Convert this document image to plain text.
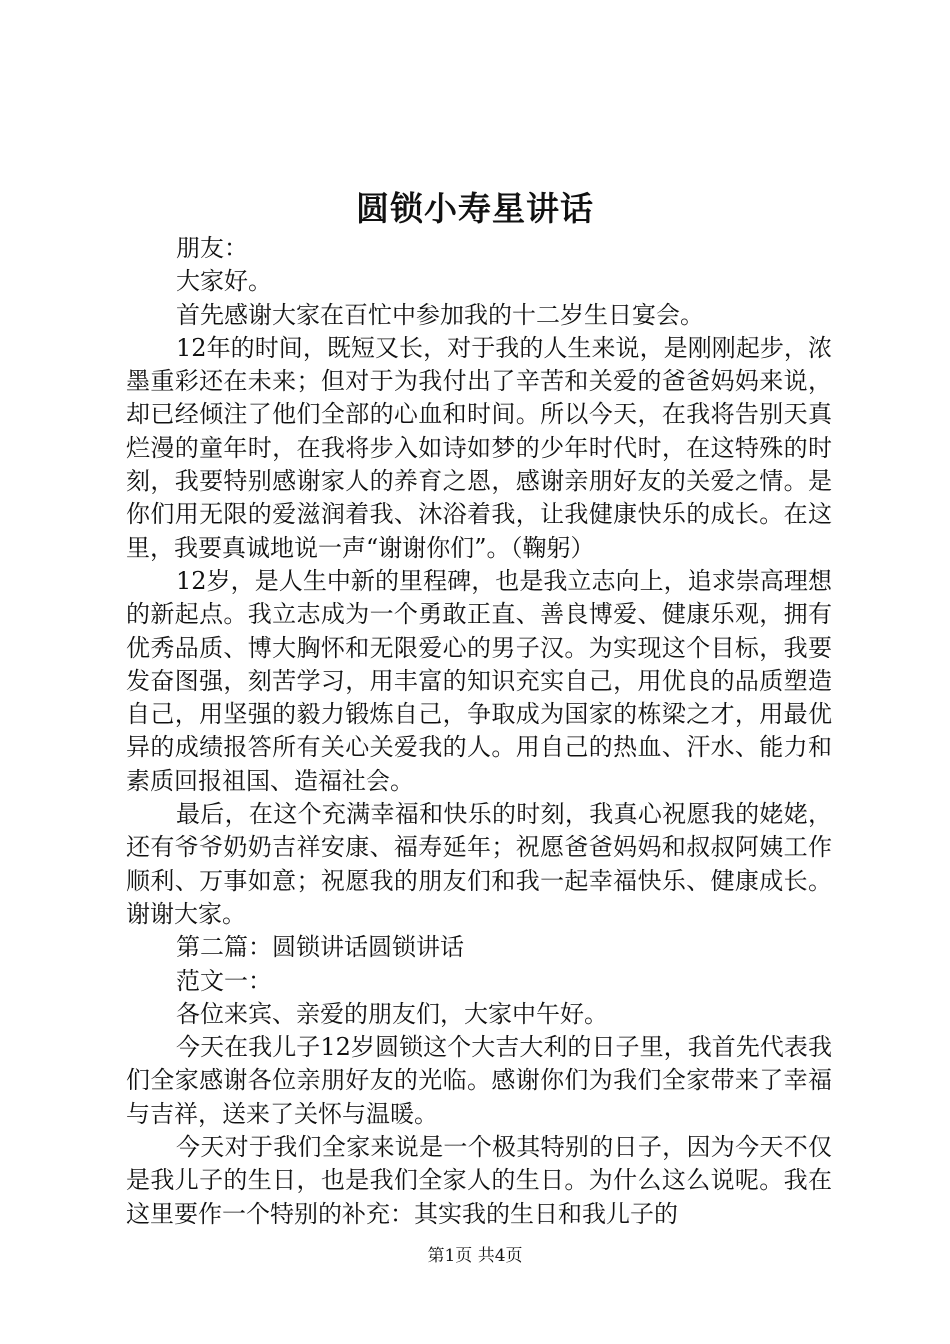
圆锁小寿星讲话

朋友：

大家好。

首先感谢大家在百忙中参加我的十二岁生日宴会。

12年的时间，既短又长，对于我的人生来说，是刚刚起步，浓墨重彩还在未来；但对于为我付出了辛苦和关爱的爸爸妈妈来说，却已经倾注了他们全部的心血和时间。所以今天，在我将告别天真烂漫的童年时，在我将步入如诗如梦的少年时代时，在这特殊的时刻，我要特别感谢家人的养育之恩，感谢亲朋好友的关爱之情。是你们用无限的爱滋润着我、沐浴着我，让我健康快乐的成长。在这里，我要真诚地说一声“谢谢你们”。（鞠躬）

12岁，是人生中新的里程碑，也是我立志向上，追求崇高理想的新起点。我立志成为一个勇敢正直、善良博爱、健康乐观，拥有优秀品质、博大胸怀和无限爱心的男子汉。为实现这个目标，我要发奋图强，刻苦学习，用丰富的知识充实自己，用优良的品质塑造自己，用坚强的毅力锻炼自己，争取成为国家的栋梁之才，用最优异的成绩报答所有关心关爱我的人。用自己的热血、汗水、能力和素质回报祖国、造福社会。

最后，在这个充满幸福和快乐的时刻，我真心祝愿我的姥姥，还有爷爷奶奶吉祥安康、福寿延年；祝愿爸爸妈妈和叔叔阿姨工作顺利、万事如意；祝愿我的朋友们和我一起幸福快乐、健康成长。谢谢大家。

第二篇：圆锁讲话圆锁讲话

范文一：

各位来宾、亲爱的朋友们，大家中午好。

今天在我儿子12岁圆锁这个大吉大利的日子里，我首先代表我们全家感谢各位亲朋好友的光临。感谢你们为我们全家带来了幸福与吉祥，送来了关怀与温暖。

今天对于我们全家来说是一个极其特别的日子，因为今天不仅是我儿子的生日，也是我们全家人的生日。为什么这么说呢。我在这里要作一个特别的补充：其实我的生日和我儿子的

第1页 共4页
